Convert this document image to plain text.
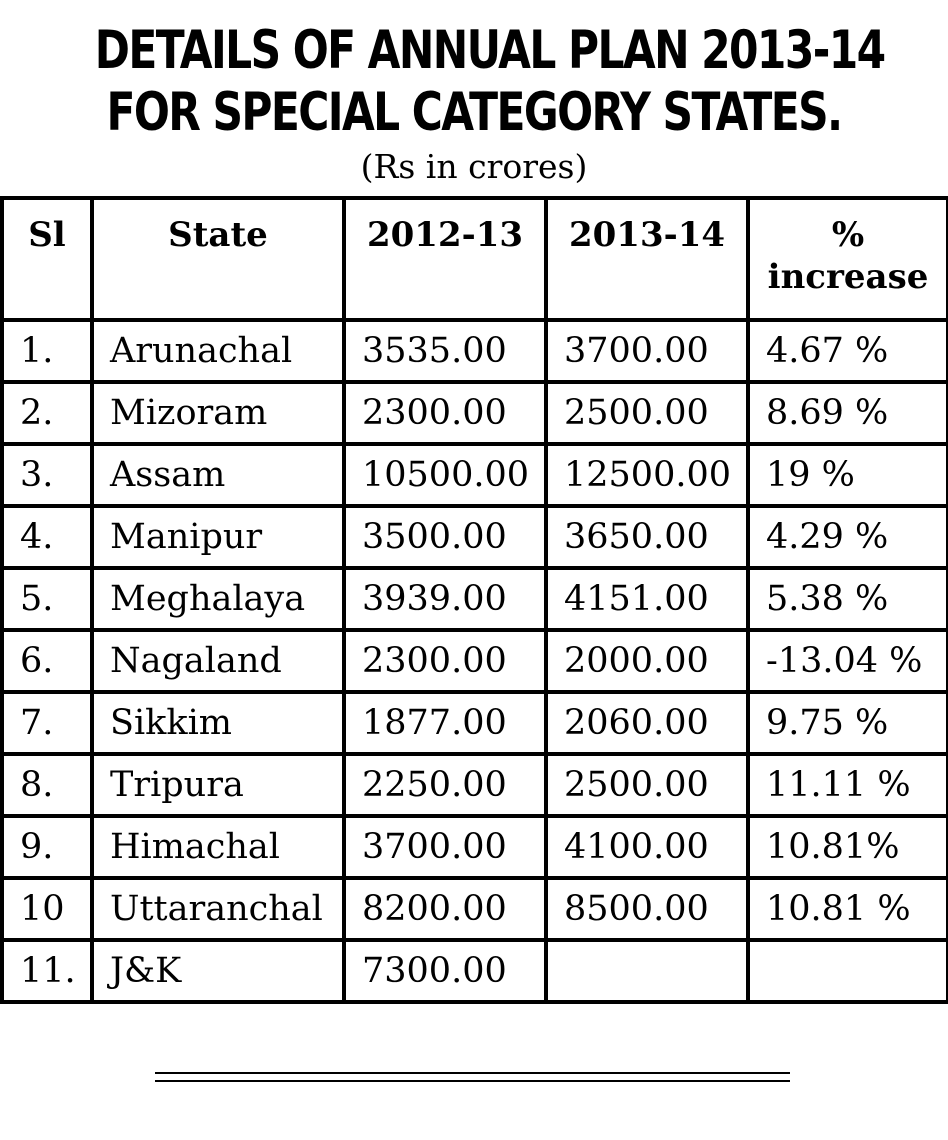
DETAILS OF ANNUAL PLAN 2013-14
FOR SPECIAL CATEGORY STATES.
(Rs in crores)
Sl	State	2012-13	2013-14	% increase
1.	Arunachal	3535.00	3700.00	4.67 %
2.	Mizoram	2300.00	2500.00	8.69 %
3.	Assam	10500.00	12500.00	19 %
4.	Manipur	3500.00	3650.00	4.29 %
5.	Meghalaya	3939.00	4151.00	5.38 %
6.	Nagaland	2300.00	2000.00	-13.04 %
7.	Sikkim	1877.00	2060.00	9.75 %
8.	Tripura	2250.00	2500.00	11.11 %
9.	Himachal	3700.00	4100.00	10.81%
10	Uttaranchal	8200.00	8500.00	10.81 %
11.	J&K	7300.00		
